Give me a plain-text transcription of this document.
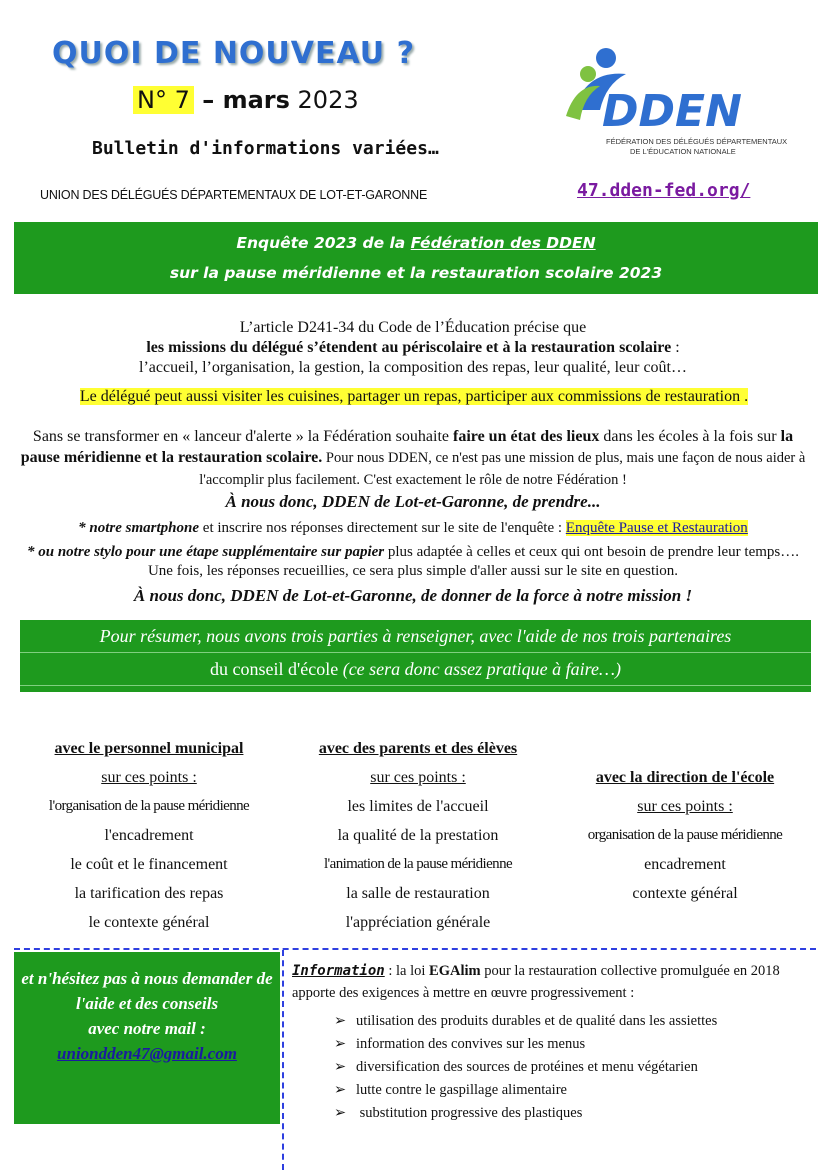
QUOI DE NOUVEAU ?
N° 7 – mars 2023
Bulletin d'informations variées…
UNION DES DÉLÉGUÉS DÉPARTEMENTAUX DE LOT-ET-GARONNE	47.dden-fed.org/
DDEN
FÉDÉRATION DES DÉLÉGUÉS DÉPARTEMENTAUX
DE L'ÉDUCATION NATIONALE
Enquête 2023 de la Fédération des DDEN
sur la pause méridienne et la restauration scolaire 2023
L’article D241-34 du Code de l’Éducation précise que
les missions du délégué s’étendent au périscolaire et à la restauration scolaire :
l’accueil, l’organisation, la gestion, la composition des repas, leur qualité, leur coût…
Le délégué peut aussi visiter les cuisines, partager un repas, participer aux commissions de restauration .
Sans se transformer en « lanceur d'alerte » la Fédération souhaite faire un état des lieux dans les écoles à la fois sur la pause méridienne et la restauration scolaire. Pour nous DDEN, ce n'est pas une mission de plus, mais une façon de nous aider à l'accomplir plus facilement. C'est exactement le rôle de notre Fédération !
À nous donc, DDEN de Lot-et-Garonne, de prendre...
* notre smartphone et inscrire nos réponses directement sur le site de l'enquête : Enquête Pause et Restauration
* ou notre stylo pour une étape supplémentaire sur papier plus adaptée à celles et ceux qui ont besoin de prendre leur temps…. Une fois, les réponses recueillies, ce sera plus simple d'aller aussi sur le site en question.
À nous donc, DDEN de Lot-et-Garonne, de donner de la force à notre mission !
Pour résumer, nous avons trois parties à renseigner, avec l'aide de nos trois partenaires
du conseil d'école (ce sera donc assez pratique à faire…)
avec le personnel municipal
sur ces points :
l'organisation de la pause méridienne
l'encadrement
le coût et le financement
la tarification des repas
le contexte général
avec des parents et des élèves
sur ces points :
les limites de l'accueil
la qualité de la prestation
l'animation de la pause méridienne
la salle de restauration
l'appréciation générale
avec la direction de l'école
sur ces points :
organisation de la pause méridienne
encadrement
contexte général
et n'hésitez pas à nous demander de l'aide et des conseils
avec notre mail :
uniondden47@gmail.com
Information : la loi EGAlim pour la restauration collective promulguée en 2018 apporte des exigences à mettre en œuvre progressivement :
➢ utilisation des produits durables et de qualité dans les assiettes
➢ information des convives sur les menus
➢ diversification des sources de protéines et menu végétarien
➢ lutte contre le gaspillage alimentaire
➢ substitution progressive des plastiques
